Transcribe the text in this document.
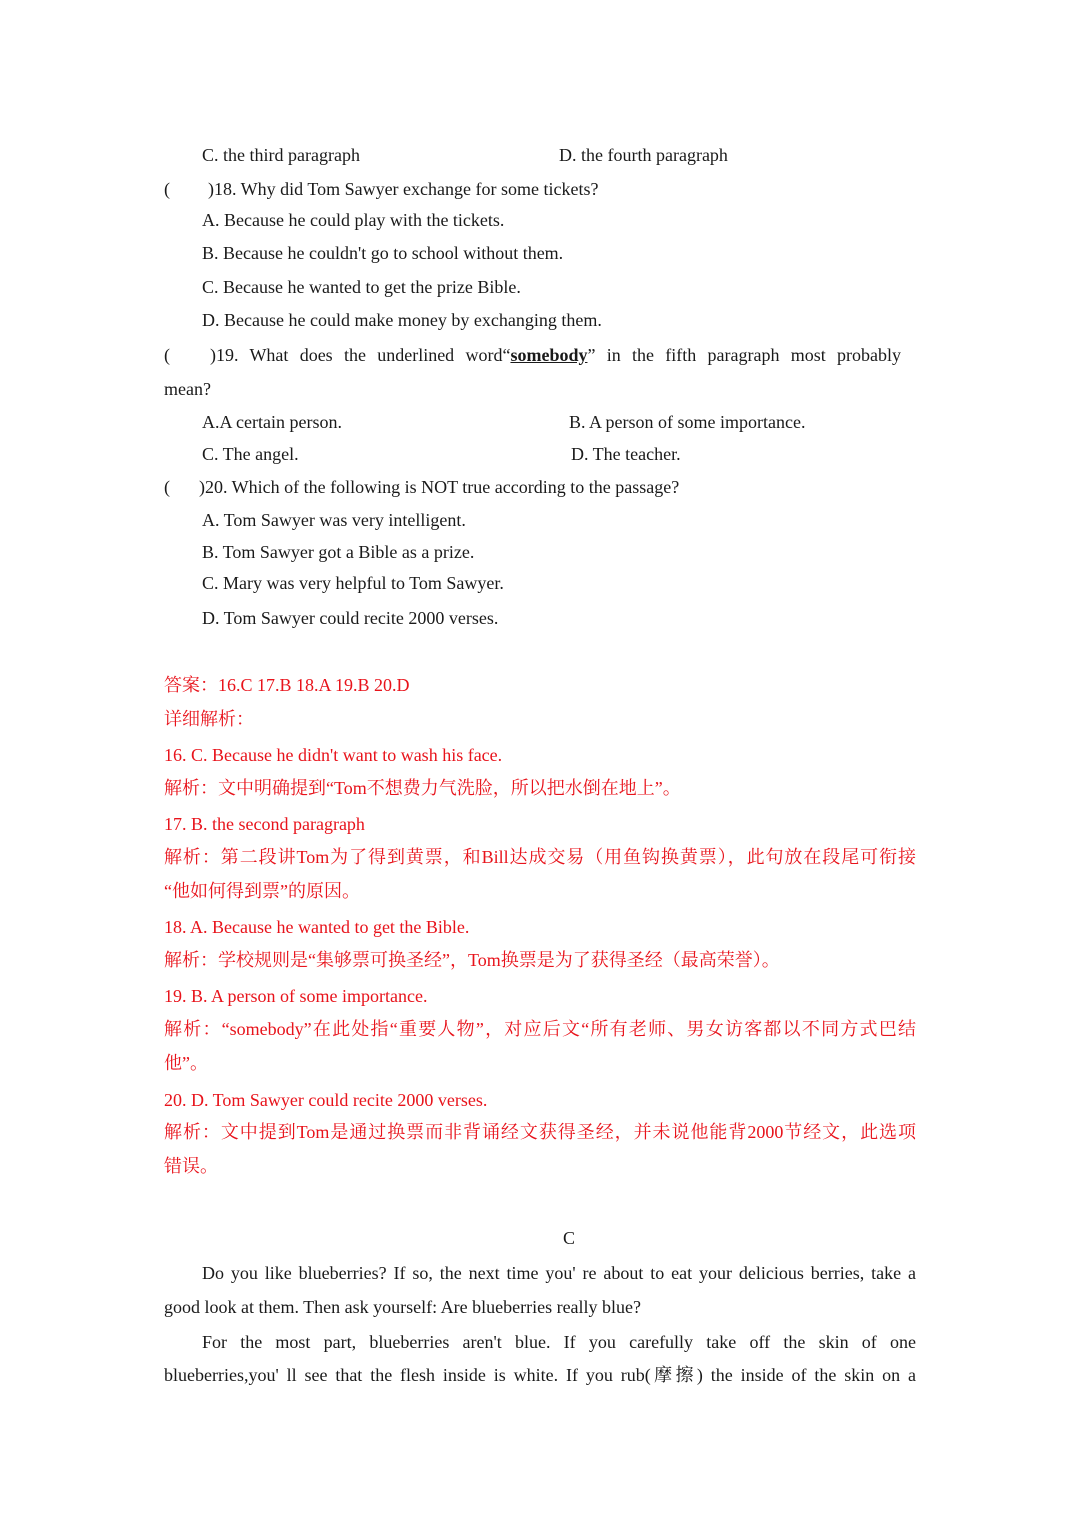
C. the third paragraph	D. the fourth paragraph
( )18. Why did Tom Sawyer exchange for some tickets?
A. Because he could play with the tickets.
B. Because he couldn't go to school without them.
C. Because he wanted to get the prize Bible.
D. Because he could make money by exchanging them.
( )19. What does the underlined word“somebody” in the fifth paragraph most probably
mean?
A.A certain person.	B. A person of some importance.
C. The angel.	D. The teacher.
( )20. Which of the following is NOT true according to the passage?
A. Tom Sawyer was very intelligent.
B. Tom Sawyer got a Bible as a prize.
C. Mary was very helpful to Tom Sawyer.
D. Tom Sawyer could recite 2000 verses.
答案：16.C 17.B 18.A 19.B 20.D
详细解析：
16. C. Because he didn't want to wash his face.
解析：文中明确提到“Tom不想费力气洗脸，所以把水倒在地上”。
17. B. the second paragraph
解析：第二段讲Tom为了得到黄票，和Bill达成交易（用鱼钩换黄票），此句放在段尾可衔接
“他如何得到票”的原因。
18. A. Because he wanted to get the Bible.
解析：学校规则是“集够票可换圣经”，Tom换票是为了获得圣经（最高荣誉）。
19. B. A person of some importance.
解析：“somebody”在此处指“重要人物”，对应后文“所有老师、男女访客都以不同方式巴结
他”。
20. D. Tom Sawyer could recite 2000 verses.
解析：文中提到Tom是通过换票而非背诵经文获得圣经，并未说他能背2000节经文，此选项
错误。
C
Do you like blueberries? If so, the next time you' re about to eat your delicious berries, take a
good look at them. Then ask yourself: Are blueberries really blue?
For the most part, blueberries aren't blue. If you carefully take off the skin of one
blueberries,you' ll see that the flesh inside is white. If you rub(摩擦) the inside of the skin on a
